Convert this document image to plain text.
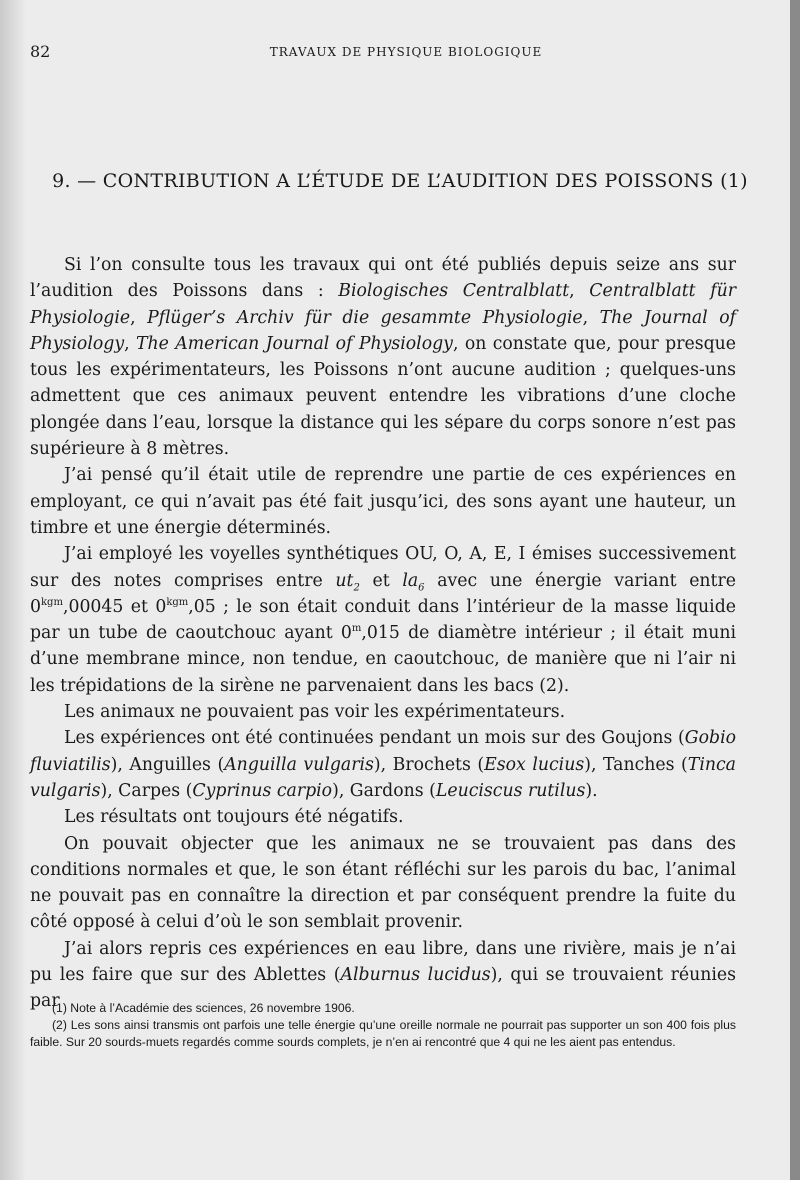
82	TRAVAUX DE PHYSIQUE BIOLOGIQUE
9. — CONTRIBUTION A L’ÉTUDE DE L’AUDITION DES POISSONS (1)

Si l’on consulte tous les travaux qui ont été publiés depuis seize ans sur l’audition des Poissons dans : Biologisches Centralblatt, Centralblatt für Physiologie, Pflüger’s Archiv für die gesammte Physiologie, The Journal of Physiology, The American Journal of Physiology, on constate que, pour presque tous les expérimentateurs, les Poissons n’ont aucune audition ; quelques-uns admettent que ces animaux peuvent entendre les vibrations d’une cloche plongée dans l’eau, lorsque la distance qui les sépare du corps sonore n’est pas supérieure à 8 mètres.

J’ai pensé qu’il était utile de reprendre une partie de ces expériences en employant, ce qui n’avait pas été fait jusqu’ici, des sons ayant une hauteur, un timbre et une énergie déterminés.

J’ai employé les voyelles synthétiques OU, O, A, E, I émises successivement sur des notes comprises entre $ut_2$ et $la_6$ avec une énergie variant entre $0^{kgm},00045$ et $0^{kgm},05$ ; le son était conduit dans l’intérieur de la masse liquide par un tube de caoutchouc ayant 0$^m$,015 de diamètre intérieur ; il était muni d’une membrane mince, non tendue, en caoutchouc, de manière que ni l’air ni les trépidations de la sirène ne parvenaient dans les bacs (2).

Les animaux ne pouvaient pas voir les expérimentateurs.

Les expériences ont été continuées pendant un mois sur des Goujons (Gobio fluviatilis), Anguilles (Anguilla vulgaris), Brochets (Esox lucius), Tanches (Tinca vulgaris), Carpes (Cyprinus carpio), Gardons (Leuciscus rutilus).

Les résultats ont toujours été négatifs.

On pouvait objecter que les animaux ne se trouvaient pas dans des conditions normales et que, le son étant réfléchi sur les parois du bac, l’animal ne pouvait pas en connaître la direction et par conséquent prendre la fuite du côté opposé à celui d’où le son semblait provenir.

J’ai alors repris ces expériences en eau libre, dans une rivière, mais je n’ai pu les faire que sur des Ablettes (Alburnus lucidus), qui se trouvaient réunies par

(1) Note à l’Académie des sciences, 26 novembre 1906.

(2) Les sons ainsi transmis ont parfois une telle énergie qu’une oreille normale ne pourrait pas supporter un son 400 fois plus faible. Sur 20 sourds-muets regardés comme sourds complets, je n’en ai rencontré que 4 qui ne les aient pas entendus.
